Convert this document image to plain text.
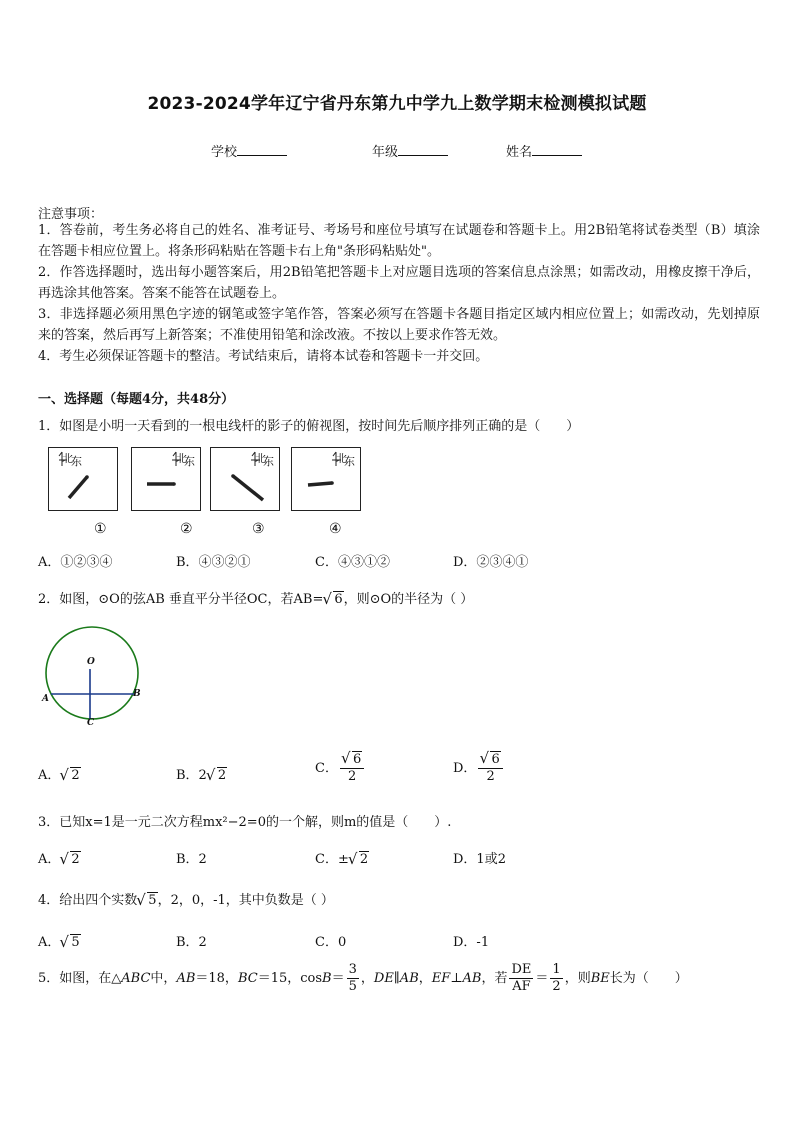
2023-2024学年辽宁省丹东第九中学九上数学期末检测模拟试题
学校	年级	姓名
注意事项：

1．答卷前，考生务必将自己的姓名、准考证号、考场号和座位号填写在试题卷和答题卡上。用2B铅笔将试卷类型（B）填涂在答题卡相应位置上。将条形码粘贴在答题卡右上角"条形码粘贴处"。

2．作答选择题时，选出每小题答案后，用2B铅笔把答题卡上对应题目选项的答案信息点涂黑；如需改动，用橡皮擦干净后，再选涂其他答案。答案不能答在试题卷上。

3．非选择题必须用黑色字迹的钢笔或签字笔作答，答案必须写在答题卡各题目指定区域内相应位置上；如需改动，先划掉原来的答案，然后再写上新答案；不准使用铅笔和涂改液。不按以上要求作答无效。

4．考生必须保证答题卡的整洁。考试结束后，请将本试卷和答题卡一并交回。

一、选择题（每题4分，共48分）
1．如图是小明一天看到的一根电线杆的影子的俯视图，按时间先后顺序排列正确的是（　　）
北
东	北
东	北
东	北
东
①	②	③	④
A．①②③④	B．④③②①	C．④③①②	D．②③④①
2．如图，⊙O的弦AB 垂直平分半径OC，若AB= √ 6，则⊙O的半径为（ ）
O
A	B
C
A． √ 2	B．2 √ 2	C． √ $\frac{6}{2}$	D． √ $\frac{6}{2}$
3．已知x=1是一元二次方程mx²−2=0的一个解，则m的值是（　　）.
A． √ 2	B．2	C．± √ 2	D．1或2
4．给出四个实数 √ 5，2，0，-1，其中负数是（ ）
A． √ 5	B．2	C．0	D．-1
5．如图，在△ABC中，AB＝18，BC＝15，$\cos B= \frac{3}{5}$ ，DE∥AB，EF⊥AB，若 $\frac{DE}{AF} = \frac{1}{2}$ ，则BE长为（　　）
